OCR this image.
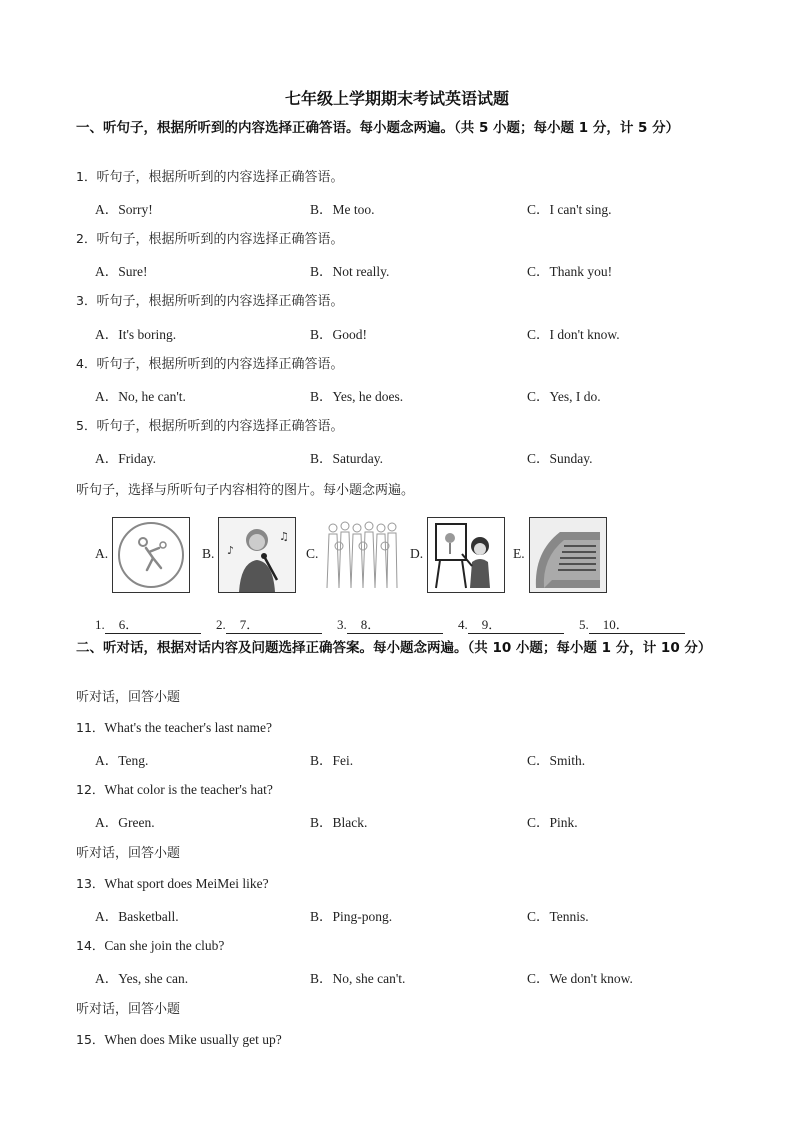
七年级上学期期末考试英语试题
一、听句子，根据所听到的内容选择正确答语。每小题念两遍。（共 5 小题；每小题 1 分，计 5 分）
1．听句子，根据所听到的内容选择正确答语。
A．Sorry!	B．Me too.	C．I can't sing.
2．听句子，根据所听到的内容选择正确答语。
A．Sure!	B．Not really.	C．Thank you!
3．听句子，根据所听到的内容选择正确答语。
A．It's boring.	B．Good!	C．I don't know.
4．听句子，根据所听到的内容选择正确答语。
A．No, he can't.	B．Yes, he does.	C．Yes, I do.
5．听句子，根据所听到的内容选择正确答语。
A．Friday.	B．Saturday.	C．Sunday.
听句子，选择与所听句子内容相符的图片。每小题念两遍。
A.	B. ♪
♫
C.	D.	E.
1. 6．	2. 7．	3. 8．	4. 9．	5. 10．
二、听对话，根据对话内容及问题选择正确答案。每小题念两遍。（共 10 小题；每小题 1 分，计 10 分）
听对话，回答小题
11．What's the teacher's last name?
A．Teng.	B．Fei.	C．Smith.
12．What color is the teacher's hat?
A．Green.	B．Black.	C．Pink.
听对话，回答小题
13．What sport does MeiMei like?
A．Basketball.	B．Ping-pong.	C．Tennis.
14．Can she join the club?
A．Yes, she can.	B．No, she can't.	C．We don't know.
听对话，回答小题
15．When does Mike usually get up?
